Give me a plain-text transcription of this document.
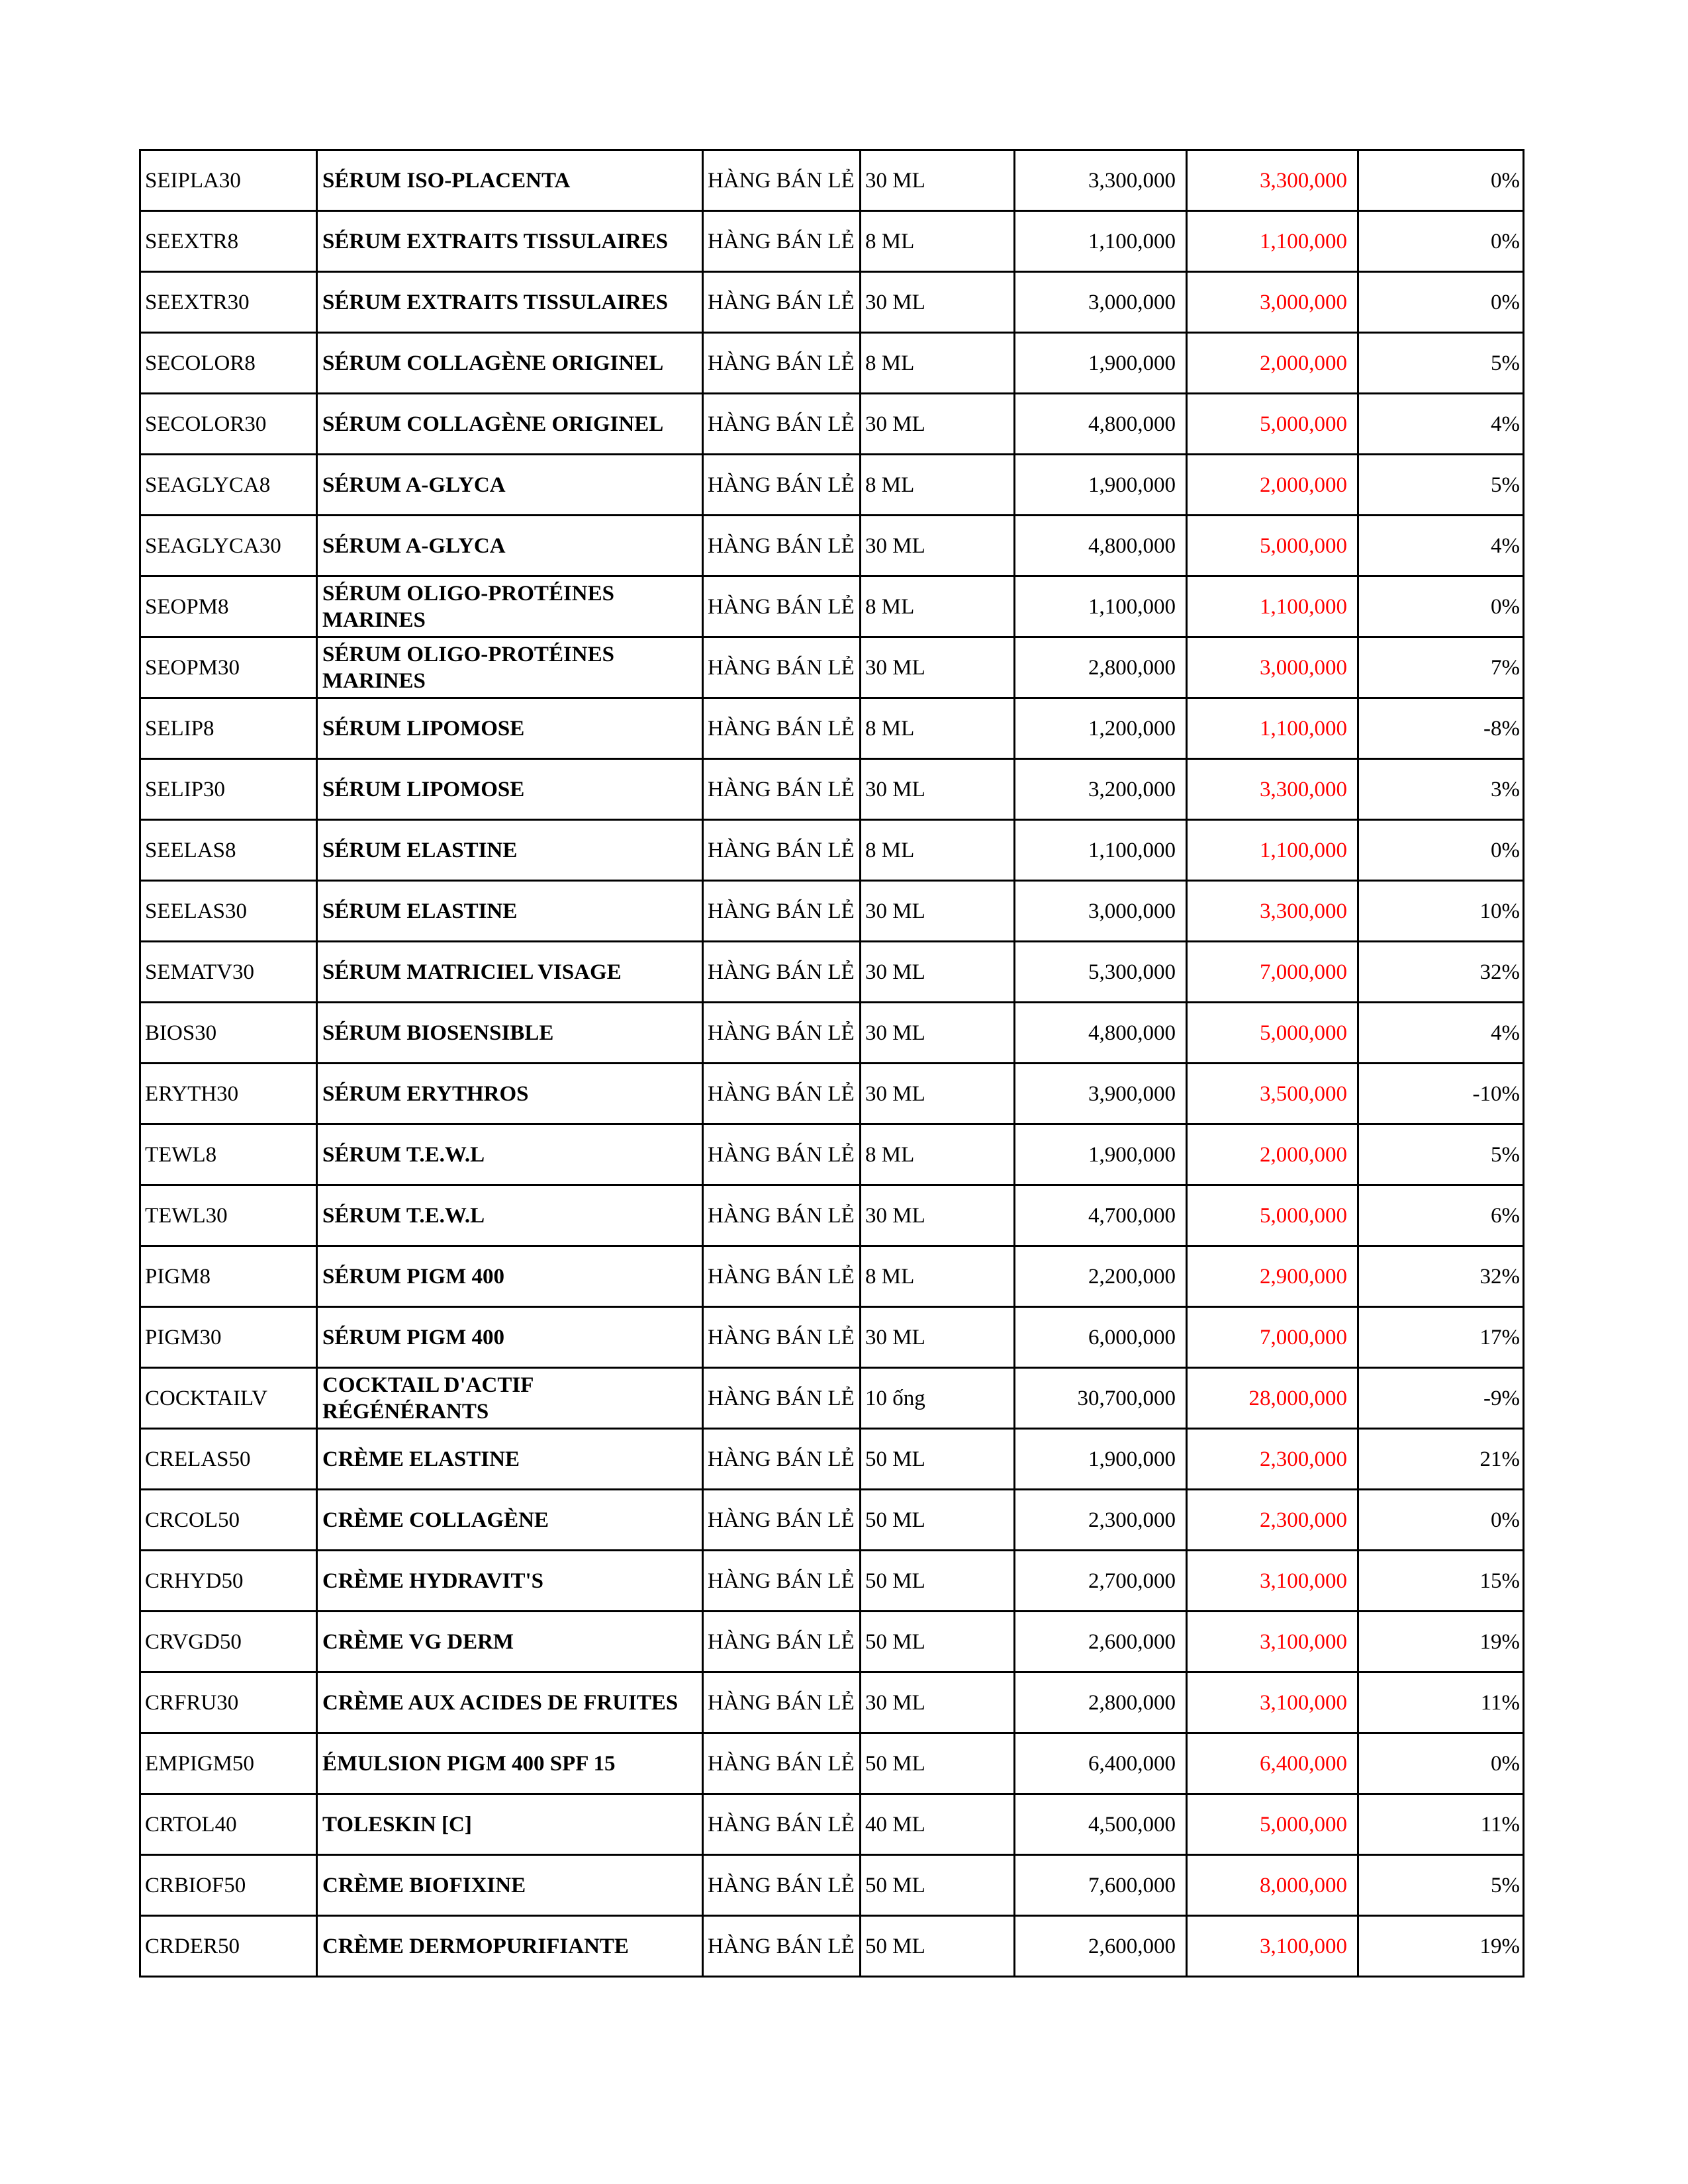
SEIPLA30	SÉRUM ISO-PLACENTA	HÀNG BÁN LẺ	30 ML	3,300,000	3,300,000	0%
SEEXTR8	SÉRUM EXTRAITS TISSULAIRES	HÀNG BÁN LẺ	8 ML	1,100,000	1,100,000	0%
SEEXTR30	SÉRUM EXTRAITS TISSULAIRES	HÀNG BÁN LẺ	30 ML	3,000,000	3,000,000	0%
SECOLOR8	SÉRUM COLLAGÈNE ORIGINEL	HÀNG BÁN LẺ	8 ML	1,900,000	2,000,000	5%
SECOLOR30	SÉRUM COLLAGÈNE ORIGINEL	HÀNG BÁN LẺ	30 ML	4,800,000	5,000,000	4%
SEAGLYCA8	SÉRUM A-GLYCA	HÀNG BÁN LẺ	8 ML	1,900,000	2,000,000	5%
SEAGLYCA30	SÉRUM A-GLYCA	HÀNG BÁN LẺ	30 ML	4,800,000	5,000,000	4%
SEOPM8	SÉRUM OLIGO-PROTÉINES MARINES	HÀNG BÁN LẺ	8 ML	1,100,000	1,100,000	0%
SEOPM30	SÉRUM OLIGO-PROTÉINES MARINES	HÀNG BÁN LẺ	30 ML	2,800,000	3,000,000	7%
SELIP8	SÉRUM LIPOMOSE	HÀNG BÁN LẺ	8 ML	1,200,000	1,100,000	-8%
SELIP30	SÉRUM LIPOMOSE	HÀNG BÁN LẺ	30 ML	3,200,000	3,300,000	3%
SEELAS8	SÉRUM ELASTINE	HÀNG BÁN LẺ	8 ML	1,100,000	1,100,000	0%
SEELAS30	SÉRUM ELASTINE	HÀNG BÁN LẺ	30 ML	3,000,000	3,300,000	10%
SEMATV30	SÉRUM MATRICIEL VISAGE	HÀNG BÁN LẺ	30 ML	5,300,000	7,000,000	32%
BIOS30	SÉRUM BIOSENSIBLE	HÀNG BÁN LẺ	30 ML	4,800,000	5,000,000	4%
ERYTH30	SÉRUM ERYTHROS	HÀNG BÁN LẺ	30 ML	3,900,000	3,500,000	-10%
TEWL8	SÉRUM T.E.W.L	HÀNG BÁN LẺ	8 ML	1,900,000	2,000,000	5%
TEWL30	SÉRUM T.E.W.L	HÀNG BÁN LẺ	30 ML	4,700,000	5,000,000	6%
PIGM8	SÉRUM PIGM 400	HÀNG BÁN LẺ	8 ML	2,200,000	2,900,000	32%
PIGM30	SÉRUM PIGM 400	HÀNG BÁN LẺ	30 ML	6,000,000	7,000,000	17%
COCKTAILV	COCKTAIL D'ACTIF RÉGÉNÉRANTS	HÀNG BÁN LẺ	10 ống	30,700,000	28,000,000	-9%
CRELAS50	CRÈME ELASTINE	HÀNG BÁN LẺ	50 ML	1,900,000	2,300,000	21%
CRCOL50	CRÈME COLLAGÈNE	HÀNG BÁN LẺ	50 ML	2,300,000	2,300,000	0%
CRHYD50	CRÈME HYDRAVIT'S	HÀNG BÁN LẺ	50 ML	2,700,000	3,100,000	15%
CRVGD50	CRÈME VG DERM	HÀNG BÁN LẺ	50 ML	2,600,000	3,100,000	19%
CRFRU30	CRÈME AUX ACIDES DE FRUITES	HÀNG BÁN LẺ	30 ML	2,800,000	3,100,000	11%
EMPIGM50	ÉMULSION PIGM 400 SPF 15	HÀNG BÁN LẺ	50 ML	6,400,000	6,400,000	0%
CRTOL40	TOLESKIN [C]	HÀNG BÁN LẺ	40 ML	4,500,000	5,000,000	11%
CRBIOF50	CRÈME BIOFIXINE	HÀNG BÁN LẺ	50 ML	7,600,000	8,000,000	5%
CRDER50	CRÈME DERMOPURIFIANTE	HÀNG BÁN LẺ	50 ML	2,600,000	3,100,000	19%
